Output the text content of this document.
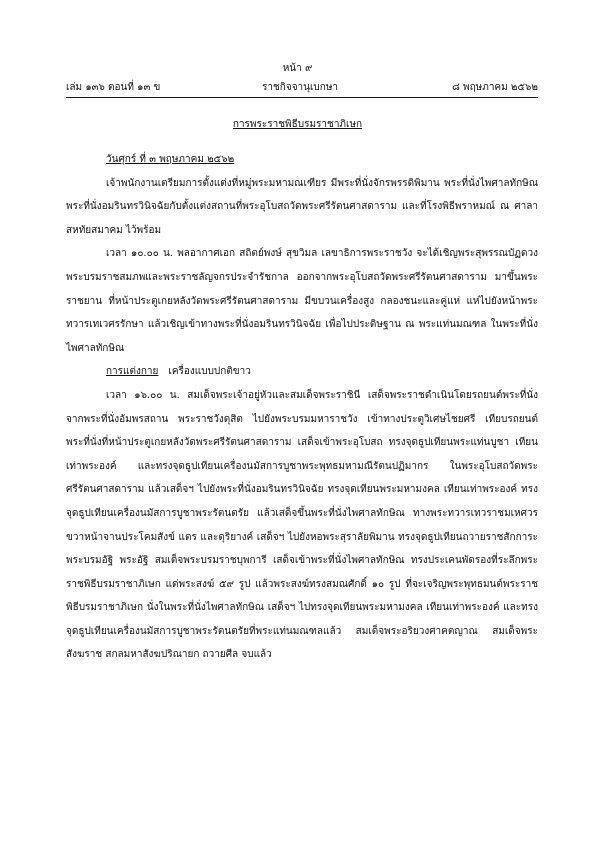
หน้า ๙
เล่ม ๑๓๖ ตอนที่ ๑๓ ข	ราชกิจจานุเบกษา	๘ พฤษภาคม ๒๕๖๒
การพระราชพิธีบรมราชาภิเษก

วันศุกร์ ที่ ๓ พฤษภาคม ๒๕๖๒

เจ้าพนักงานเตรียมการตั้งแต่งที่หมู่พระมหามณเฑียร มีพระที่นั่งจักรพรรดิพิมาน พระที่นั่งไพศาลทักษิณ พระที่นั่งอมรินทรวินิจฉัยกับตั้งแต่งสถานที่พระอุโบสถวัดพระศรีรัตนศาสดาราม และที่โรงพิธีพราหมณ์ ณ ศาลาสหทัยสมาคม ไว้พร้อม

เวลา ๑๐.๐๐ น. พลอากาศเอก สถิตย์พงษ์ สุขวิมล เลขาธิการพระราชวัง จะได้เชิญพระสุพรรณบัฏดวงพระบรมราชสมภพและพระราชลัญจกรประจำรัชกาล ออกจากพระอุโบสถวัดพระศรีรัตนศาสดาราม มาขึ้นพระราชยาน ที่หน้าประตูเกยหลังวัดพระศรีรัตนศาสดาราม มีขบวนเครื่องสูง กลองชนะและคู่แห่ แห่ไปยังหน้าพระทวารเทเวศรรักษา แล้วเชิญเข้าทางพระที่นั่งอมรินทรวินิจฉัย เพื่อไปประดิษฐาน ณ พระแท่นมณฑล ในพระที่นั่งไพศาลทักษิณ

การแต่งกาย เครื่องแบบปกติขาว

เวลา ๑๖.๐๐ น. สมเด็จพระเจ้าอยู่หัวและสมเด็จพระราชินี เสด็จพระราชดำเนินโดยรถยนต์พระที่นั่ง จากพระที่นั่งอัมพรสถาน พระราชวังดุสิต ไปยังพระบรมมหาราชวัง เข้าทางประตูวิเศษไชยศรี เทียบรถยนต์พระที่นั่งที่หน้าประตูเกยหลังวัดพระศรีรัตนศาสดาราม เสด็จเข้าพระอุโบสถ ทรงจุดธูปเทียนพระแท่นบูชา เทียนเท่าพระองค์ และทรงจุดธูปเทียนเครื่องนมัสการบูชาพระพุทธมหามณีรัตนปฏิมากร ในพระอุโบสถวัดพระศรีรัตนศาสดาราม แล้วเสด็จฯ ไปยังพระที่นั่งอมรินทรวินิจฉัย ทรงจุดเทียนพระมหามงคล เทียนเท่าพระองค์ ทรงจุดธูปเทียนเครื่องนมัสการบูชาพระรัตนตรัย แล้วเสด็จขึ้นพระที่นั่งไพศาลทักษิณ ทางพระทวารเทวราชมเหศวร ขวาหน้าจานประโคมสังข์ แตร และดุริยางค์ เสด็จฯ ไปยังหอพระสุราลัยพิมาน ทรงจุดธูปเทียนถวายราชสักการะพระบรมอัฐิ พระอัฐิ สมเด็จพระบรมราชบุพการี เสด็จเข้าพระที่นั่งไพศาลทักษิณ ทรงประเคนพัดรองที่ระลึกพระราชพิธีบรมราชาภิเษก แด่พระสงฆ์ ๕๙ รูป แล้วพระสงฆ์ทรงสมณศักดิ์ ๑๐ รูป ที่จะเจริญพระพุทธมนต์พระราชพิธีบรมราชาภิเษก นั่งในพระที่นั่งไพศาลทักษิณ เสด็จฯ ไปทรงจุดเทียนพระมหามงคล เทียนเท่าพระองค์ และทรงจุดธูปเทียนเครื่องนมัสการบูชาพระรัตนตรัยที่พระแท่นมณฑลแล้ว สมเด็จพระอริยวงศาคตญาณ สมเด็จพระสังฆราช สกลมหาสังฆปริณายก ถวายศีล จบแล้ว
